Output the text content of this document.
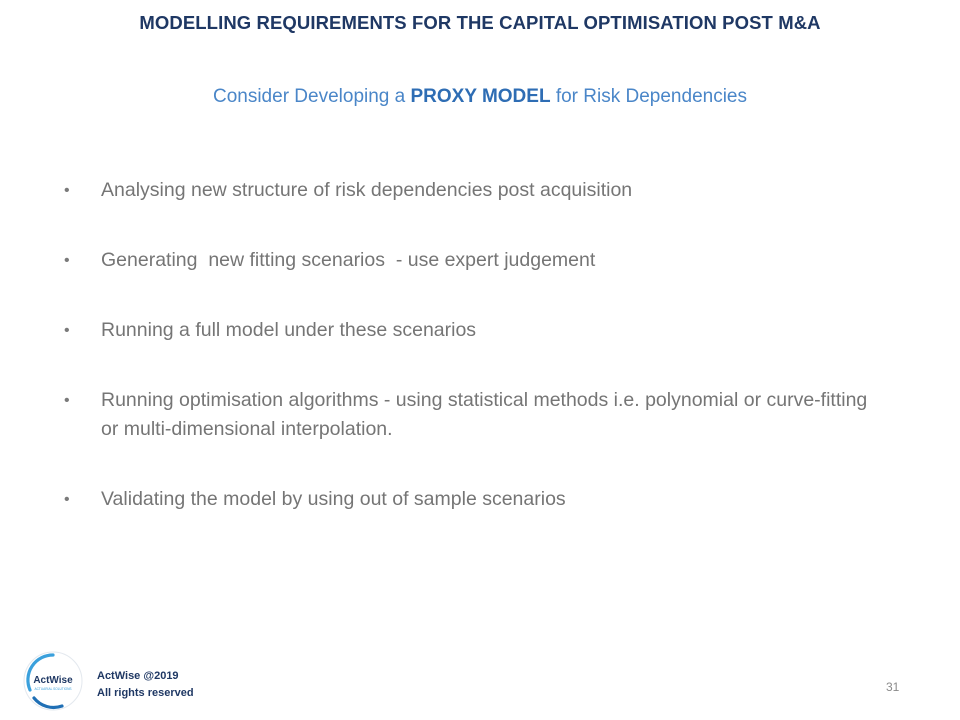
MODELLING REQUIREMENTS FOR THE CAPITAL OPTIMISATION POST M&A
Consider Developing a PROXY MODEL for Risk Dependencies
• Analysing new structure of risk dependencies post acquisition
• Generating  new fitting scenarios  - use expert judgement
• Running a full model under these scenarios
• Running optimisation algorithms - using statistical methods i.e. polynomial or curve-fitting or multi-dimensional interpolation.
• Validating the model by using out of sample scenarios
ActWise
ACTUARIAL SOLUTIONS
ActWise @2019
All rights reserved	31
